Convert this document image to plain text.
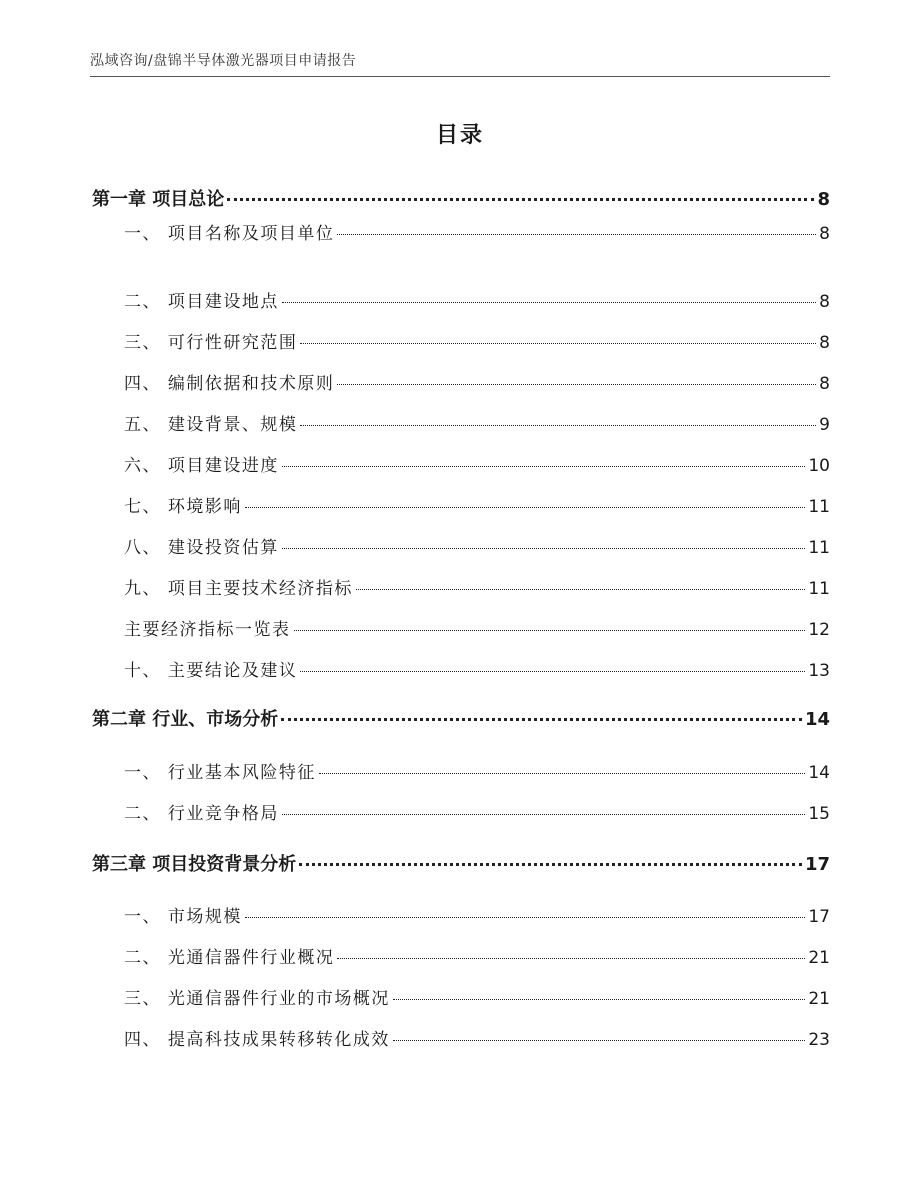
泓域咨询/盘锦半导体激光器项目申请报告
目录
第一章 项目总论	8
一、 项目名称及项目单位	8
二、 项目建设地点	8
三、 可行性研究范围	8
四、 编制依据和技术原则	8
五、 建设背景、规模	9
六、 项目建设进度	10
七、 环境影响	11
八、 建设投资估算	11
九、 项目主要技术经济指标	11
主要经济指标一览表	12
十、 主要结论及建议	13
第二章 行业、市场分析	14
一、 行业基本风险特征	14
二、 行业竞争格局	15
第三章 项目投资背景分析	17
一、 市场规模	17
二、 光通信器件行业概况	21
三、 光通信器件行业的市场概况	21
四、 提高科技成果转移转化成效	23
